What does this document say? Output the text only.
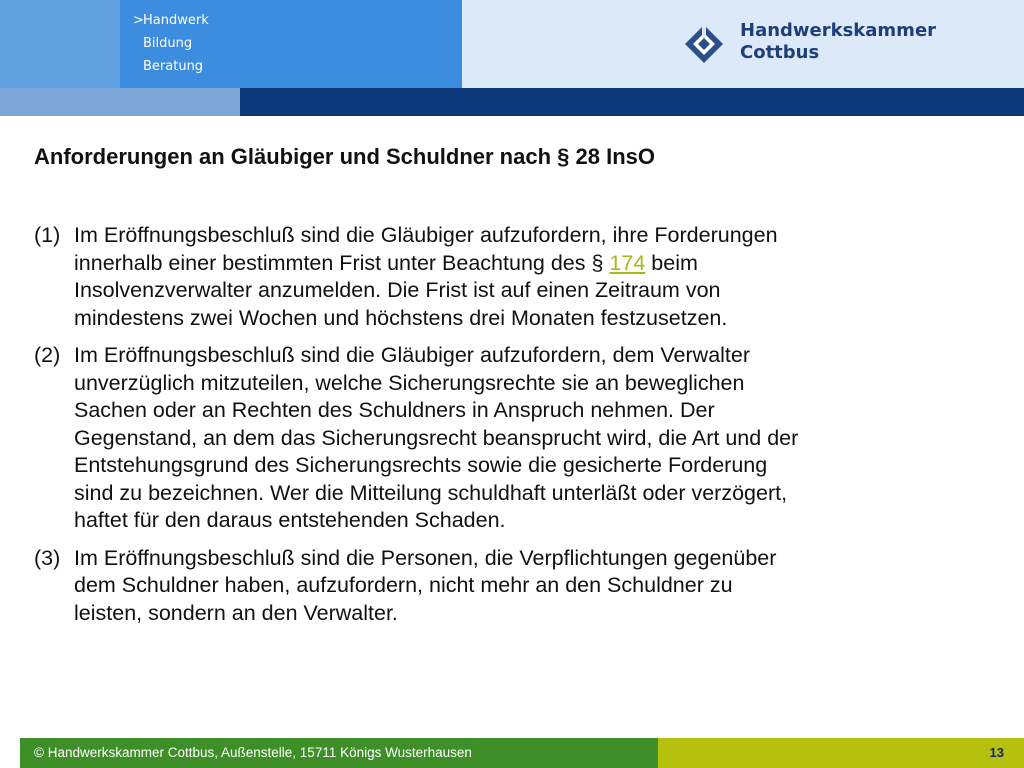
> Handwerk
Bildung
Beratung
Handwerkskammer
Cottbus
Anforderungen an Gläubiger und Schuldner nach § 28 InsO
(1) Im Eröffnungsbeschluß sind die Gläubiger aufzufordern, ihre Forderungen
innerhalb einer bestimmten Frist unter Beachtung des § 174 beim
Insolvenzverwalter anzumelden. Die Frist ist auf einen Zeitraum von
mindestens zwei Wochen und höchstens drei Monaten festzusetzen.
(2) Im Eröffnungsbeschluß sind die Gläubiger aufzufordern, dem Verwalter
unverzüglich mitzuteilen, welche Sicherungsrechte sie an beweglichen
Sachen oder an Rechten des Schuldners in Anspruch nehmen. Der
Gegenstand, an dem das Sicherungsrecht beansprucht wird, die Art und der
Entstehungsgrund des Sicherungsrechts sowie die gesicherte Forderung
sind zu bezeichnen. Wer die Mitteilung schuldhaft unterläßt oder verzögert,
haftet für den daraus entstehenden Schaden.
(3) Im Eröffnungsbeschluß sind die Personen, die Verpflichtungen gegenüber
dem Schuldner haben, aufzufordern, nicht mehr an den Schuldner zu
leisten, sondern an den Verwalter.
© Handwerkskammer Cottbus, Außenstelle, 15711 Königs Wusterhausen	13
